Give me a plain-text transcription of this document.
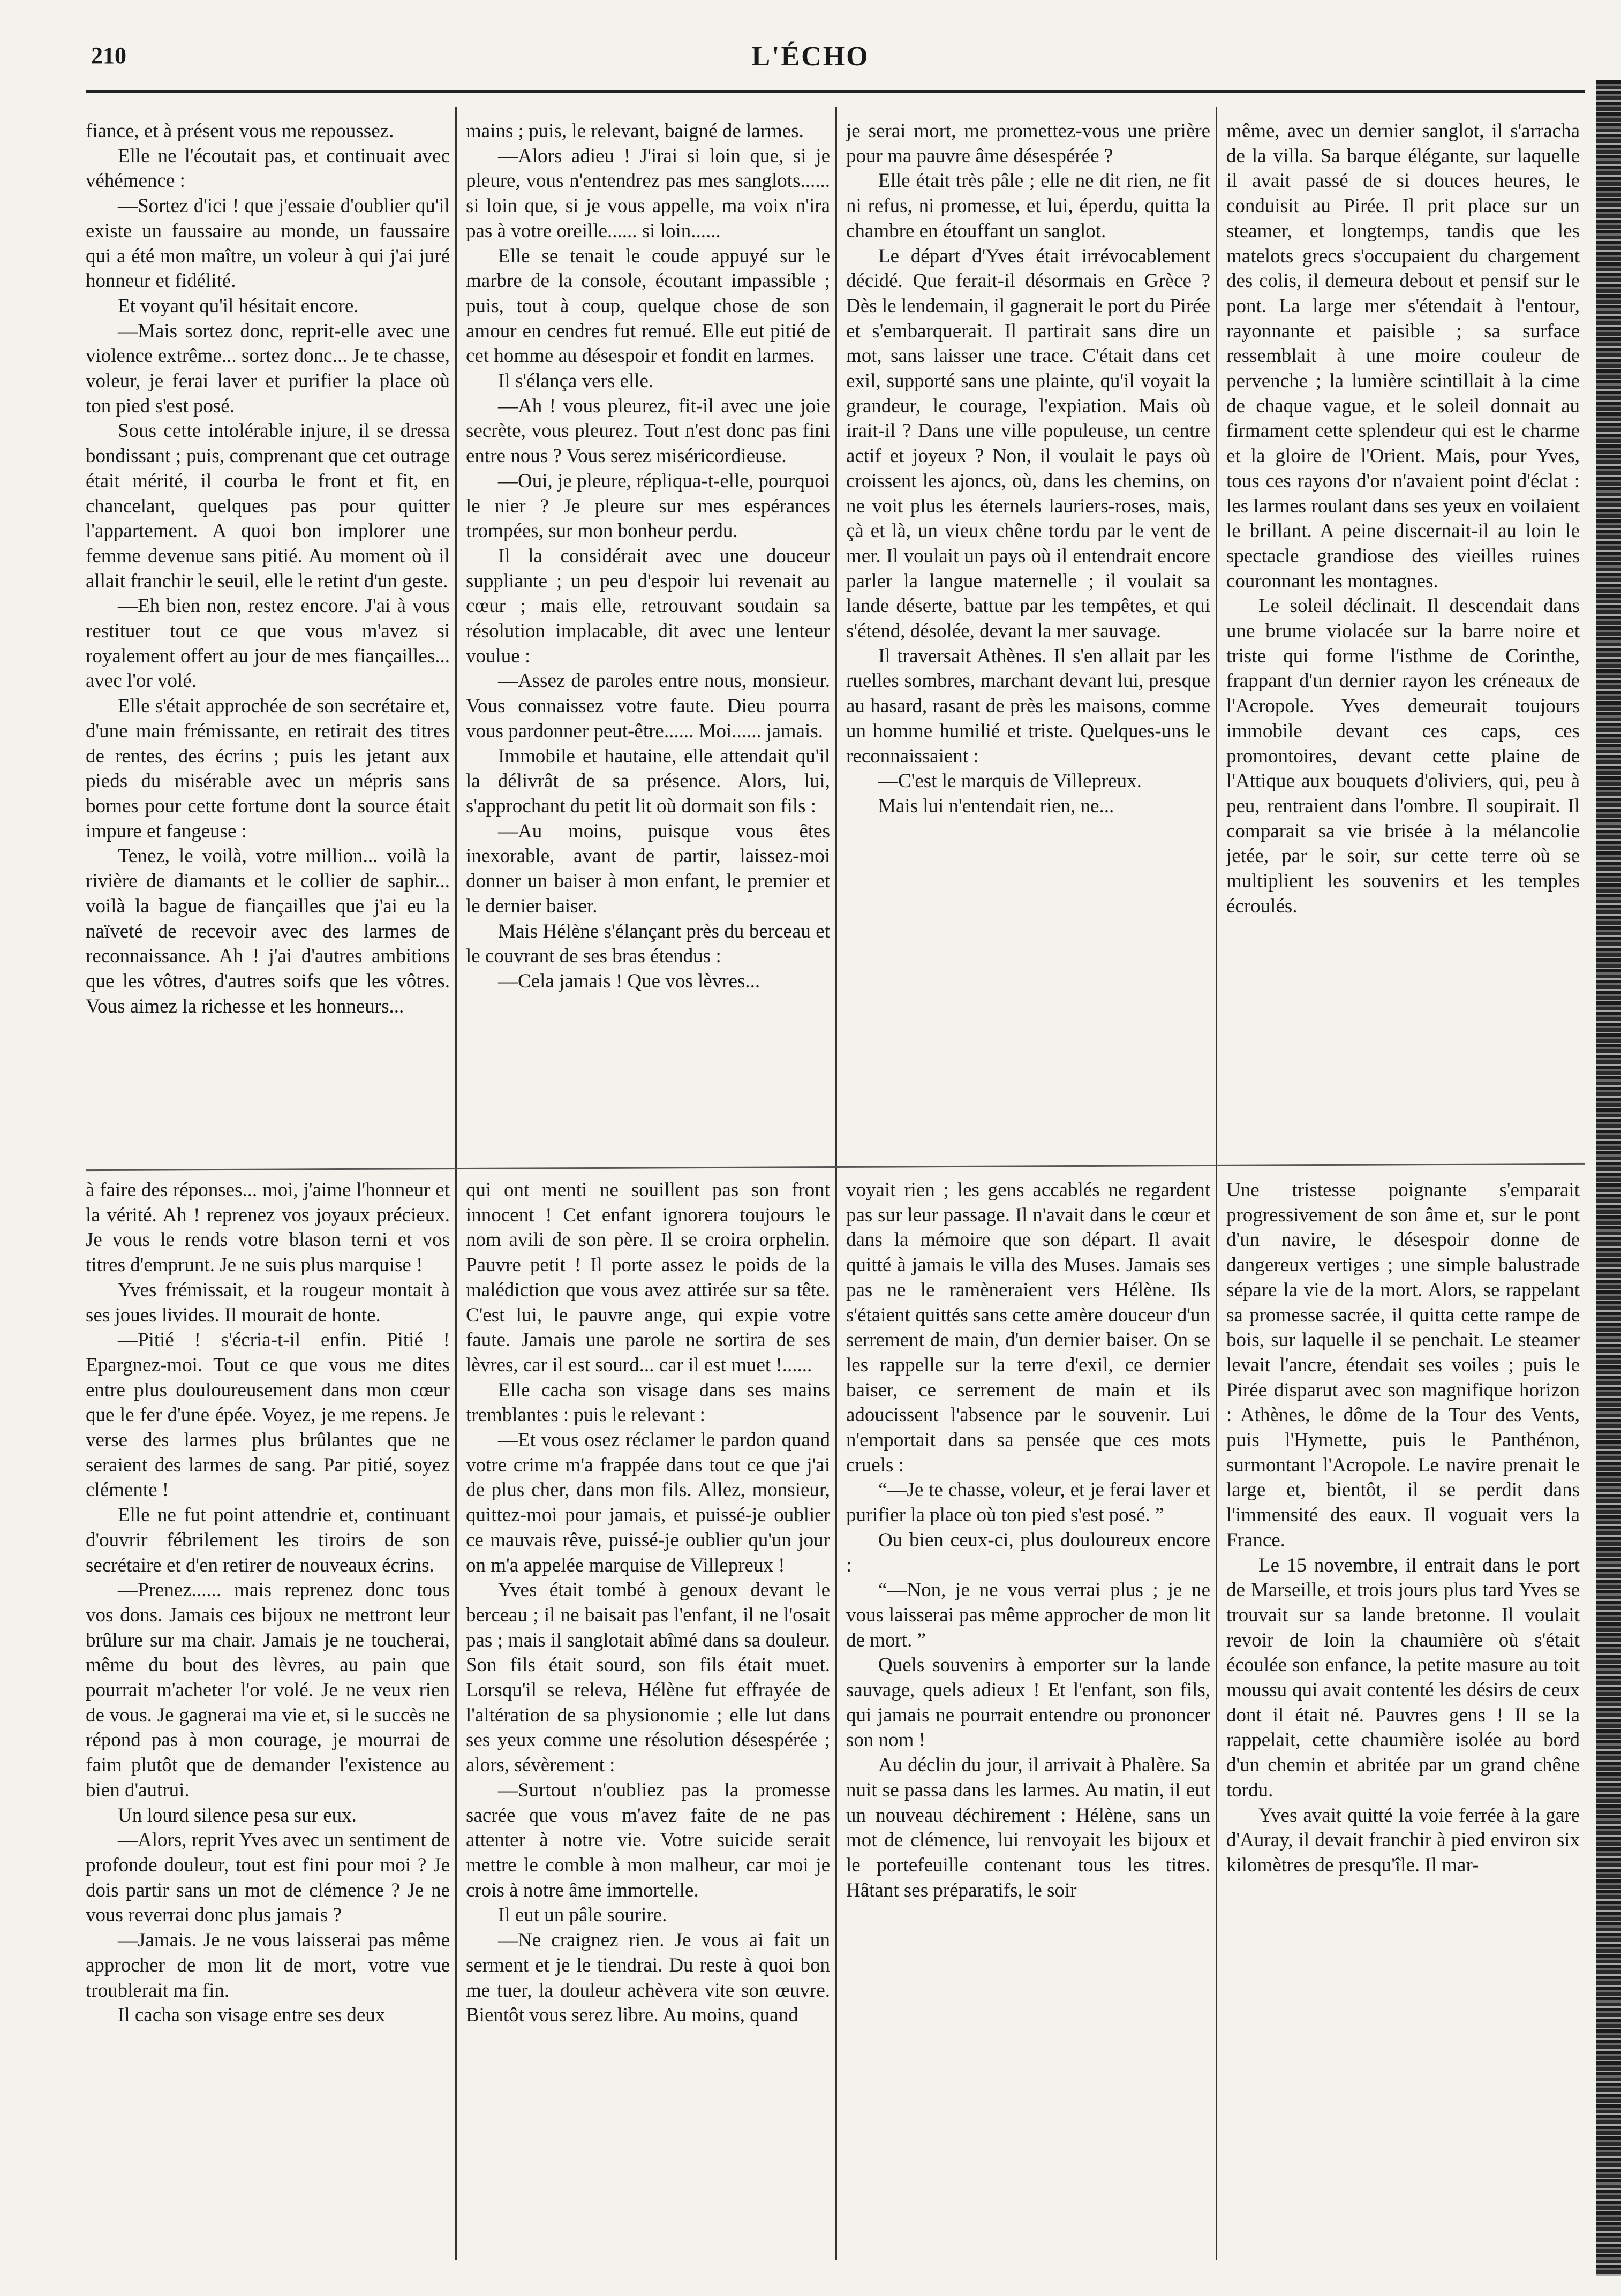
210	L'ÉCHO

fiance, et à présent vous me repoussez.

Elle ne l'écoutait pas, et continuait avec véhémence :

—Sortez d'ici ! que j'essaie d'oublier qu'il existe un faussaire au monde, un faussaire qui a été mon maître, un voleur à qui j'ai juré honneur et fidélité.

Et voyant qu'il hésitait encore.

—Mais sortez donc, reprit-elle avec une violence extrême... sortez donc... Je te chasse, voleur, je ferai laver et purifier la place où ton pied s'est posé.

Sous cette intolérable injure, il se dressa bondissant ; puis, comprenant que cet outrage était mérité, il courba le front et fit, en chancelant, quelques pas pour quitter l'appartement. A quoi bon implorer une femme devenue sans pitié. Au moment où il allait franchir le seuil, elle le retint d'un geste.

—Eh bien non, restez encore. J'ai à vous restituer tout ce que vous m'avez si royalement offert au jour de mes fiançailles... avec l'or volé.

Elle s'était approchée de son secrétaire et, d'une main frémissante, en retirait des titres de rentes, des écrins ; puis les jetant aux pieds du misérable avec un mépris sans bornes pour cette fortune dont la source était impure et fangeuse :

Tenez, le voilà, votre million... voilà la rivière de diamants et le collier de saphir... voilà la bague de fiançailles que j'ai eu la naïveté de recevoir avec des larmes de reconnaissance. Ah ! j'ai d'autres ambitions que les vôtres, d'autres soifs que les vôtres. Vous aimez la richesse et les honneurs...

mains ; puis, le relevant, baigné de larmes.

—Alors adieu ! J'irai si loin que, si je pleure, vous n'entendrez pas mes sanglots...... si loin que, si je vous appelle, ma voix n'ira pas à votre oreille...... si loin......

Elle se tenait le coude appuyé sur le marbre de la console, écoutant impassible ; puis, tout à coup, quelque chose de son amour en cendres fut remué. Elle eut pitié de cet homme au désespoir et fondit en larmes.

Il s'élança vers elle.

—Ah ! vous pleurez, fit-il avec une joie secrète, vous pleurez. Tout n'est donc pas fini entre nous ? Vous serez miséricordieuse.

—Oui, je pleure, répliqua-t-elle, pourquoi le nier ? Je pleure sur mes espérances trompées, sur mon bonheur perdu.

Il la considérait avec une douceur suppliante ; un peu d'espoir lui revenait au cœur ; mais elle, retrouvant soudain sa résolution implacable, dit avec une lenteur voulue :

—Assez de paroles entre nous, monsieur. Vous connaissez votre faute. Dieu pourra vous pardonner peut-être...... Moi...... jamais.

Immobile et hautaine, elle attendait qu'il la délivrât de sa présence. Alors, lui, s'approchant du petit lit où dormait son fils :

—Au moins, puisque vous êtes inexorable, avant de partir, laissez-moi donner un baiser à mon enfant, le premier et le dernier baiser.

Mais Hélène s'élançant près du berceau et le couvrant de ses bras étendus :

—Cela jamais ! Que vos lèvres...

je serai mort, me promettez-vous une prière pour ma pauvre âme désespérée ?

Elle était très pâle ; elle ne dit rien, ne fit ni refus, ni promesse, et lui, éperdu, quitta la chambre en étouffant un sanglot.

Le départ d'Yves était irrévocablement décidé. Que ferait-il désormais en Grèce ? Dès le lendemain, il gagnerait le port du Pirée et s'embarquerait. Il partirait sans dire un mot, sans laisser une trace. C'était dans cet exil, supporté sans une plainte, qu'il voyait la grandeur, le courage, l'expiation. Mais où irait-il ? Dans une ville populeuse, un centre actif et joyeux ? Non, il voulait le pays où croissent les ajoncs, où, dans les chemins, on ne voit plus les éternels lauriers-roses, mais, çà et là, un vieux chêne tordu par le vent de mer. Il voulait un pays où il entendrait encore parler la langue maternelle ; il voulait sa lande déserte, battue par les tempêtes, et qui s'étend, désolée, devant la mer sauvage.

Il traversait Athènes. Il s'en allait par les ruelles sombres, marchant devant lui, presque au hasard, rasant de près les maisons, comme un homme humilié et triste. Quelques-uns le reconnaissaient :

—C'est le marquis de Villepreux.

Mais lui n'entendait rien, ne...

même, avec un dernier sanglot, il s'arracha de la villa. Sa barque élégante, sur laquelle il avait passé de si douces heures, le conduisit au Pirée. Il prit place sur un steamer, et longtemps, tandis que les matelots grecs s'occupaient du chargement des colis, il demeura debout et pensif sur le pont. La large mer s'étendait à l'entour, rayonnante et paisible ; sa surface ressemblait à une moire couleur de pervenche ; la lumière scintillait à la cime de chaque vague, et le soleil donnait au firmament cette splendeur qui est le charme et la gloire de l'Orient. Mais, pour Yves, tous ces rayons d'or n'avaient point d'éclat : les larmes roulant dans ses yeux en voilaient le brillant. A peine discernait-il au loin le spectacle grandiose des vieilles ruines couronnant les montagnes.

Le soleil déclinait. Il descendait dans une brume violacée sur la barre noire et triste qui forme l'isthme de Corinthe, frappant d'un dernier rayon les créneaux de l'Acropole. Yves demeurait toujours immobile devant ces caps, ces promontoires, devant cette plaine de l'Attique aux bouquets d'oliviers, qui, peu à peu, rentraient dans l'ombre. Il soupirait. Il comparait sa vie brisée à la mélancolie jetée, par le soir, sur cette terre où se multiplient les souvenirs et les temples écroulés.

à faire des réponses... moi, j'aime l'honneur et la vérité. Ah ! reprenez vos joyaux précieux. Je vous le rends votre blason terni et vos titres d'emprunt. Je ne suis plus marquise !

Yves frémissait, et la rougeur montait à ses joues livides. Il mourait de honte.

—Pitié ! s'écria-t-il enfin. Pitié ! Epargnez-moi. Tout ce que vous me dites entre plus douloureusement dans mon cœur que le fer d'une épée. Voyez, je me repens. Je verse des larmes plus brûlantes que ne seraient des larmes de sang. Par pitié, soyez clémente !

Elle ne fut point attendrie et, continuant d'ouvrir fébrilement les tiroirs de son secrétaire et d'en retirer de nouveaux écrins.

—Prenez...... mais reprenez donc tous vos dons. Jamais ces bijoux ne mettront leur brûlure sur ma chair. Jamais je ne toucherai, même du bout des lèvres, au pain que pourrait m'acheter l'or volé. Je ne veux rien de vous. Je gagnerai ma vie et, si le succès ne répond pas à mon courage, je mourrai de faim plutôt que de demander l'existence au bien d'autrui.

Un lourd silence pesa sur eux.

—Alors, reprit Yves avec un sentiment de profonde douleur, tout est fini pour moi ? Je dois partir sans un mot de clémence ? Je ne vous reverrai donc plus jamais ?

—Jamais. Je ne vous laisserai pas même approcher de mon lit de mort, votre vue troublerait ma fin.

Il cacha son visage entre ses deux

qui ont menti ne souillent pas son front innocent ! Cet enfant ignorera toujours le nom avili de son père. Il se croira orphelin. Pauvre petit ! Il porte assez le poids de la malédiction que vous avez attirée sur sa tête. C'est lui, le pauvre ange, qui expie votre faute. Jamais une parole ne sortira de ses lèvres, car il est sourd... car il est muet !......

Elle cacha son visage dans ses mains tremblantes : puis le relevant :

—Et vous osez réclamer le pardon quand votre crime m'a frappée dans tout ce que j'ai de plus cher, dans mon fils. Allez, monsieur, quittez-moi pour jamais, et puissé-je oublier ce mauvais rêve, puissé-je oublier qu'un jour on m'a appelée marquise de Villepreux !

Yves était tombé à genoux devant le berceau ; il ne baisait pas l'enfant, il ne l'osait pas ; mais il sanglotait abîmé dans sa douleur. Son fils était sourd, son fils était muet. Lorsqu'il se releva, Hélène fut effrayée de l'altération de sa physionomie ; elle lut dans ses yeux comme une résolution désespérée ; alors, sévèrement :

—Surtout n'oubliez pas la promesse sacrée que vous m'avez faite de ne pas attenter à notre vie. Votre suicide serait mettre le comble à mon malheur, car moi je crois à notre âme immortelle.

Il eut un pâle sourire.

—Ne craignez rien. Je vous ai fait un serment et je le tiendrai. Du reste à quoi bon me tuer, la douleur achèvera vite son œuvre. Bientôt vous serez libre. Au moins, quand

voyait rien ; les gens accablés ne regardent pas sur leur passage. Il n'avait dans le cœur et dans la mémoire que son départ. Il avait quitté à jamais le villa des Muses. Jamais ses pas ne le ramèneraient vers Hélène. Ils s'étaient quittés sans cette amère douceur d'un serrement de main, d'un dernier baiser. On se les rappelle sur la terre d'exil, ce dernier baiser, ce serrement de main et ils adoucissent l'absence par le souvenir. Lui n'emportait dans sa pensée que ces mots cruels :

“—Je te chasse, voleur, et je ferai laver et purifier la place où ton pied s'est posé. ”

Ou bien ceux-ci, plus douloureux encore :

“—Non, je ne vous verrai plus ; je ne vous laisserai pas même approcher de mon lit de mort. ”

Quels souvenirs à emporter sur la lande sauvage, quels adieux ! Et l'enfant, son fils, qui jamais ne pourrait entendre ou prononcer son nom !

Au déclin du jour, il arrivait à Phalère. Sa nuit se passa dans les larmes. Au matin, il eut un nouveau déchirement : Hélène, sans un mot de clémence, lui renvoyait les bijoux et le portefeuille contenant tous les titres. Hâtant ses préparatifs, le soir

Une tristesse poignante s'emparait progressivement de son âme et, sur le pont d'un navire, le désespoir donne de dangereux vertiges ; une simple balustrade sépare la vie de la mort. Alors, se rappelant sa promesse sacrée, il quitta cette rampe de bois, sur laquelle il se penchait. Le steamer levait l'ancre, étendait ses voiles ; puis le Pirée disparut avec son magnifique horizon : Athènes, le dôme de la Tour des Vents, puis l'Hymette, puis le Panthénon, surmontant l'Acropole. Le navire prenait le large et, bientôt, il se perdit dans l'immensité des eaux. Il voguait vers la France.

Le 15 novembre, il entrait dans le port de Marseille, et trois jours plus tard Yves se trouvait sur sa lande bretonne. Il voulait revoir de loin la chaumière où s'était écoulée son enfance, la petite masure au toit moussu qui avait contenté les désirs de ceux dont il était né. Pauvres gens ! Il se la rappelait, cette chaumière isolée au bord d'un chemin et abritée par un grand chêne tordu.

Yves avait quitté la voie ferrée à la gare d'Auray, il devait franchir à pied environ six kilomètres de presqu'île. Il mar-
